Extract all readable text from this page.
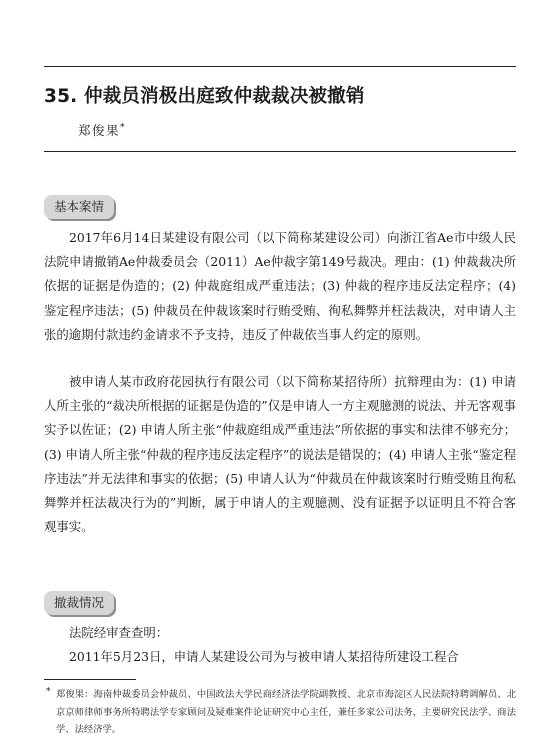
35. 仲裁员消极出庭致仲裁裁决被撤销
郑俊果*
基本案情

2017年6月14日某建设有限公司（以下简称某建设公司）向浙江省Ae市中级人民法院申请撤销Ae仲裁委员会（2011）Ae仲裁字第149号裁决。理由：(1) 仲裁裁决所依据的证据是伪造的；(2) 仲裁庭组成严重违法；(3) 仲裁的程序违反法定程序；(4) 鉴定程序违法；(5) 仲裁员在仲裁该案时行贿受贿、徇私舞弊并枉法裁决，对申请人主张的逾期付款违约金请求不予支持，违反了仲裁依当事人约定的原则。

被申请人某市政府花园执行有限公司（以下简称某招待所）抗辩理由为：(1) 申请人所主张的“裁决所根据的证据是伪造的”仅是申请人一方主观臆测的说法、并无客观事实予以佐证；(2) 申请人所主张“仲裁庭组成严重违法”所依据的事实和法律不够充分；(3) 申请人所主张“仲裁的程序违反法定程序”的说法是错误的；(4) 申请人主张“鉴定程序违法”并无法律和事实的依据；(5) 申请人认为“仲裁员在仲裁该案时行贿受贿且徇私舞弊并枉法裁决行为的”判断，属于申请人的主观臆测、没有证据予以证明且不符合客观事实。

撤裁情况

法院经审查查明：

2011年5月23日，申请人某建设公司为与被申请人某招待所建设工程合

* 郑俊果：海南仲裁委员会仲裁员、中国政法大学民商经济法学院副教授、北京市海淀区人民法院特聘调解员、北京京师律师事务所特聘法学专家顾问及疑难案件论证研究中心主任，兼任多家公司法务，主要研究民法学、商法学、法经济学。
